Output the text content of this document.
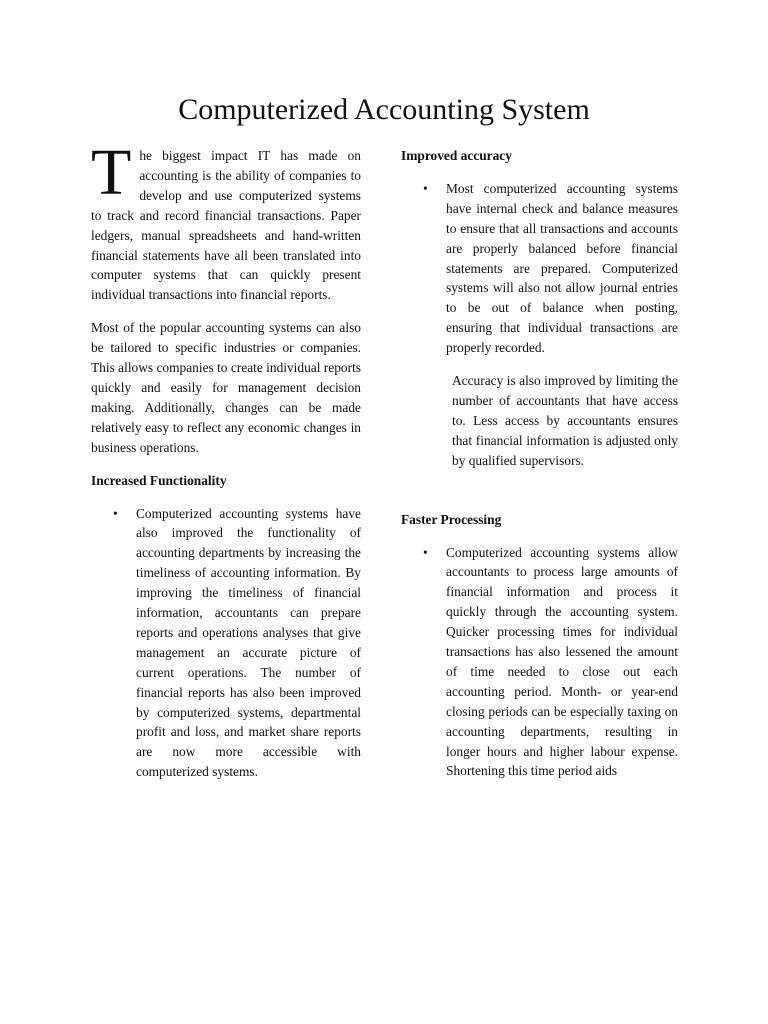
Computerized Accounting System

The biggest impact IT has made on accounting is the ability of companies to develop and use computerized systems to track and record financial transactions. Paper ledgers, manual spreadsheets and hand-written financial statements have all been translated into computer systems that can quickly present individual transactions into financial reports.

Most of the popular accounting systems can also be tailored to specific industries or companies. This allows companies to create individual reports quickly and easily for management decision making. Additionally, changes can be made relatively easy to reflect any economic changes in business operations.

Increased Functionality
• Computerized accounting systems have also improved the functionality of accounting departments by increasing the timeliness of accounting information. By improving the timeliness of financial information, accountants can prepare reports and operations analyses that give management an accurate picture of current operations. The number of financial reports has also been improved by computerized systems, departmental profit and loss, and market share reports are now more accessible with computerized systems.
Improved accuracy
• Most computerized accounting systems have internal check and balance measures to ensure that all transactions and accounts are properly balanced before financial statements are prepared. Computerized systems will also not allow journal entries to be out of balance when posting, ensuring that individual transactions are properly recorded.

Accuracy is also improved by limiting the number of accountants that have access to. Less access by accountants ensures that financial information is adjusted only by qualified supervisors.

Faster Processing
• Computerized accounting systems allow accountants to process large amounts of financial information and process it quickly through the accounting system. Quicker processing times for individual transactions has also lessened the amount of time needed to close out each accounting period. Month- or year-end closing periods can be especially taxing on accounting departments, resulting in longer hours and higher labour expense. Shortening this time period aids
